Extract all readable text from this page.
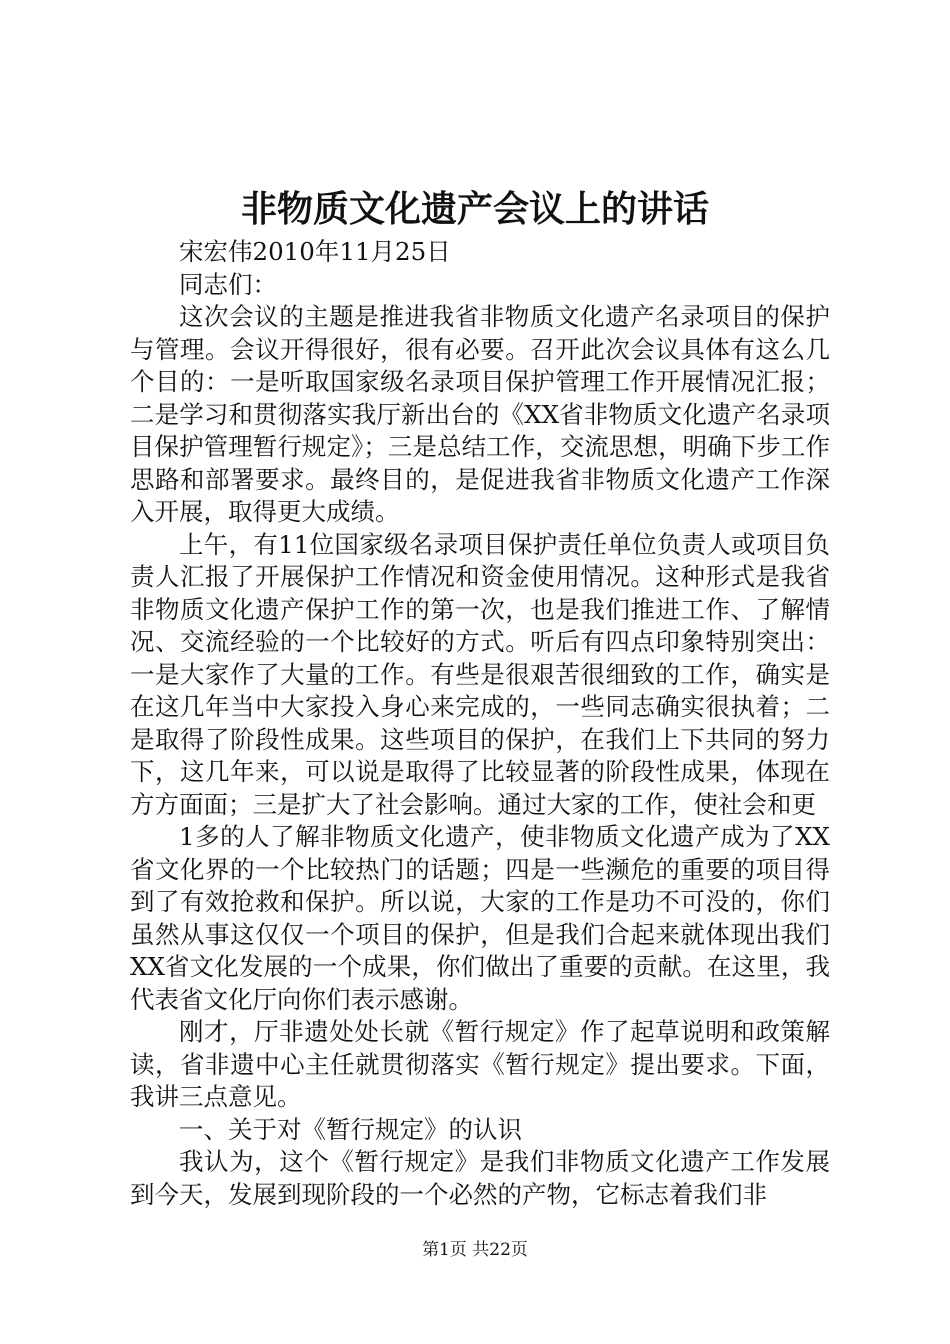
非物质文化遗产会议上的讲话

宋宏伟2010年11月25日

同志们：

这次会议的主题是推进我省非物质文化遗产名录项目的保护与管理。会议开得很好，很有必要。召开此次会议具体有这么几个目的：一是听取国家级名录项目保护管理工作开展情况汇报；二是学习和贯彻落实我厅新出台的《XX省非物质文化遗产名录项目保护管理暂行规定》；三是总结工作，交流思想，明确下步工作思路和部署要求。最终目的，是促进我省非物质文化遗产工作深入开展，取得更大成绩。

上午，有11位国家级名录项目保护责任单位负责人或项目负责人汇报了开展保护工作情况和资金使用情况。这种形式是我省非物质文化遗产保护工作的第一次，也是我们推进工作、了解情况、交流经验的一个比较好的方式。听后有四点印象特别突出：一是大家作了大量的工作。有些是很艰苦很细致的工作，确实是在这几年当中大家投入身心来完成的，一些同志确实很执着；二是取得了阶段性成果。这些项目的保护，在我们上下共同的努力下，这几年来，可以说是取得了比较显著的阶段性成果，体现在方方面面；三是扩大了社会影响。通过大家的工作，使社会和更

1多的人了解非物质文化遗产，使非物质文化遗产成为了XX省文化界的一个比较热门的话题；四是一些濒危的重要的项目得到了有效抢救和保护。所以说，大家的工作是功不可没的，你们虽然从事这仅仅一个项目的保护，但是我们合起来就体现出我们XX省文化发展的一个成果，你们做出了重要的贡献。在这里，我代表省文化厅向你们表示感谢。

刚才，厅非遗处处长就《暂行规定》作了起草说明和政策解读，省非遗中心主任就贯彻落实《暂行规定》提出要求。下面，我讲三点意见。

一、关于对《暂行规定》的认识

我认为，这个《暂行规定》是我们非物质文化遗产工作发展到今天，发展到现阶段的一个必然的产物，它标志着我们非

第1页 共22页
